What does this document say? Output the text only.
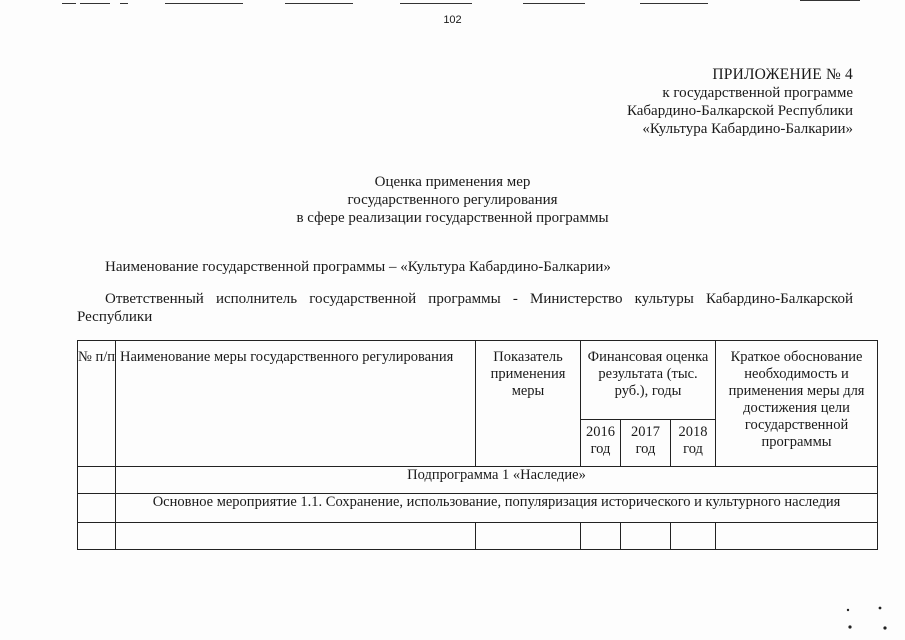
102
ПРИЛОЖЕНИЕ № 4
к государственной программе
Кабардино-Балкарской Республики
«Культура Кабардино-Балкарии»
Оценка применения мер
государственного регулирования
в сфере реализации государственной программы
Наименование государственной программы – «Культура Кабардино-Балкарии»
Ответственный исполнитель государственной программы - Министерство культуры Кабардино-Балкарской Республики
№ п/п	Наименование меры государственного регулирования	Показатель применения меры	Финансовая оценка результата (тыс. руб.), годы			Краткое обоснование необходимость и применения меры для достижения цели государственной программы
			2016 год	2017 год	2018 год	
	Подпрограмма 1 «Наследие»					
	Основное мероприятие 1.1. Сохранение, использование, популяризация исторического и культурного наследия					
